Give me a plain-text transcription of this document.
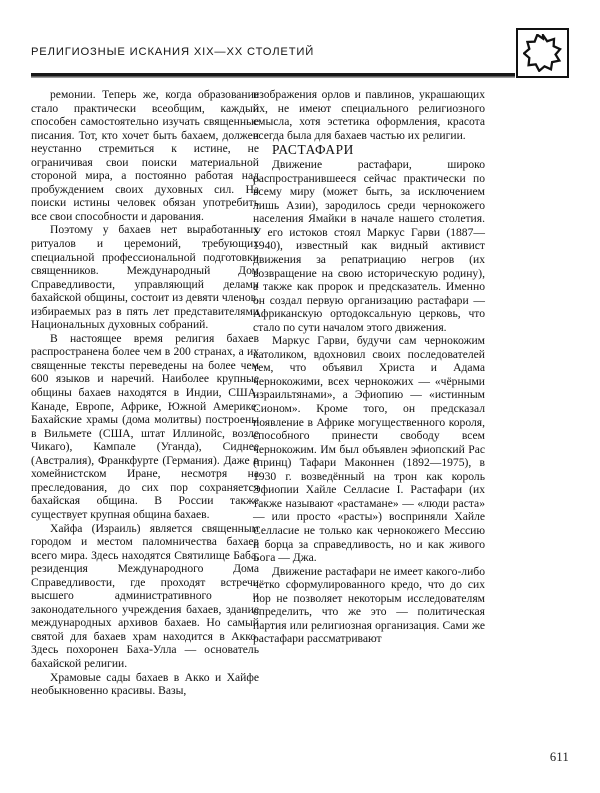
РЕЛИГИОЗНЫЕ ИСКАНИЯ XIX—XX СТОЛЕТИЙ

ремонии. Теперь же, когда образование стало практически всеобщим, каждый способен самостоятельно изучать священные писания. Тот, кто хочет быть бахаем, должен неустанно стремиться к истине, не ограничивая свои поиски материальной стороной мира, а постоянно работая над пробуждением своих духовных сил. На поиски истины человек обязан употребить все свои способности и дарования.

Поэтому у бахаев нет выработанных ритуалов и церемоний, требующих специальной профессиональной подготовки священников. Международный Дом Справедливости, управляющий делами бахайской общины, состоит из девяти членов, избираемых раз в пять лет представителями Национальных духовных собраний.

В настоящее время религия бахаев распространена более чем в 200 странах, а их священные тексты переведены на более чем 600 языков и наречий. Наиболее крупные общины бахаев находятся в Индии, США, Канаде, Европе, Африке, Южной Америке. Бахайские храмы (дома молитвы) построены в Вильмете (США, штат Иллинойс, возле Чикаго), Кампале (Уганда), Сиднее (Австралия), Франкфурте (Германия). Даже в хомейнистском Иране, несмотря на преследования, до сих пор сохраняется бахайская община. В России также существует крупная община бахаев.

Хайфа (Израиль) является священным городом и местом паломничества бахаев всего мира. Здесь находятся Святилище Баба, резиденция Международного Дома Справедливости, где проходят встречи высшего административного и законодательного учреждения бахаев, здание международных архивов бахаев. Но самый святой для бахаев храм находится в Акко. Здесь похоронен Баха-Улла — основатель бахайской религии.

Храмовые сады бахаев в Акко и Хайфе необыкновенно красивы. Вазы,

изображения орлов и павлинов, украшающих их, не имеют специального религиозного смысла, хотя эстетика оформления, красота всегда была для бахаев частью их религии.

РАСТАФАРИ

Движение растафари, широко распространившееся сейчас практически по всему миру (может быть, за исключением лишь Азии), зародилось среди чернокожего населения Ямайки в начале нашего столетия. У его истоков стоял Маркус Гарви (1887—1940), известный как видный активист движения за репатриацию негров (их возвращение на свою историческую родину), а также как пророк и предсказатель. Именно он создал первую организацию растафари — Африканскую ортодоксальную церковь, что стало по сути началом этого движения.

Маркус Гарви, будучи сам чернокожим католиком, вдохновил своих последователей тем, что объявил Христа и Адама чернокожими, всех чернокожих — «чёрными израильтянами», а Эфиопию — «истинным Сионом». Кроме того, он предсказал появление в Африке могущественного короля, способного принести свободу всем чернокожим. Им был объявлен эфиопский Рас (принц) Тафари Маконнен (1892—1975), в 1930 г. возведённый на трон как король Эфиопии Хайле Селласие I. Растафари (их также называют «растамане» — «люди раста» — или просто «расты») восприняли Хайле Селласие не только как чернокожего Мессию и борца за справедливость, но и как живого Бога — Джа.

Движение растафари не имеет какого-либо чётко сформулированного кредо, что до сих пор не позволяет некоторым исследователям определить, что же это — политическая партия или религиозная организация. Сами же растафари рассматривают

611
